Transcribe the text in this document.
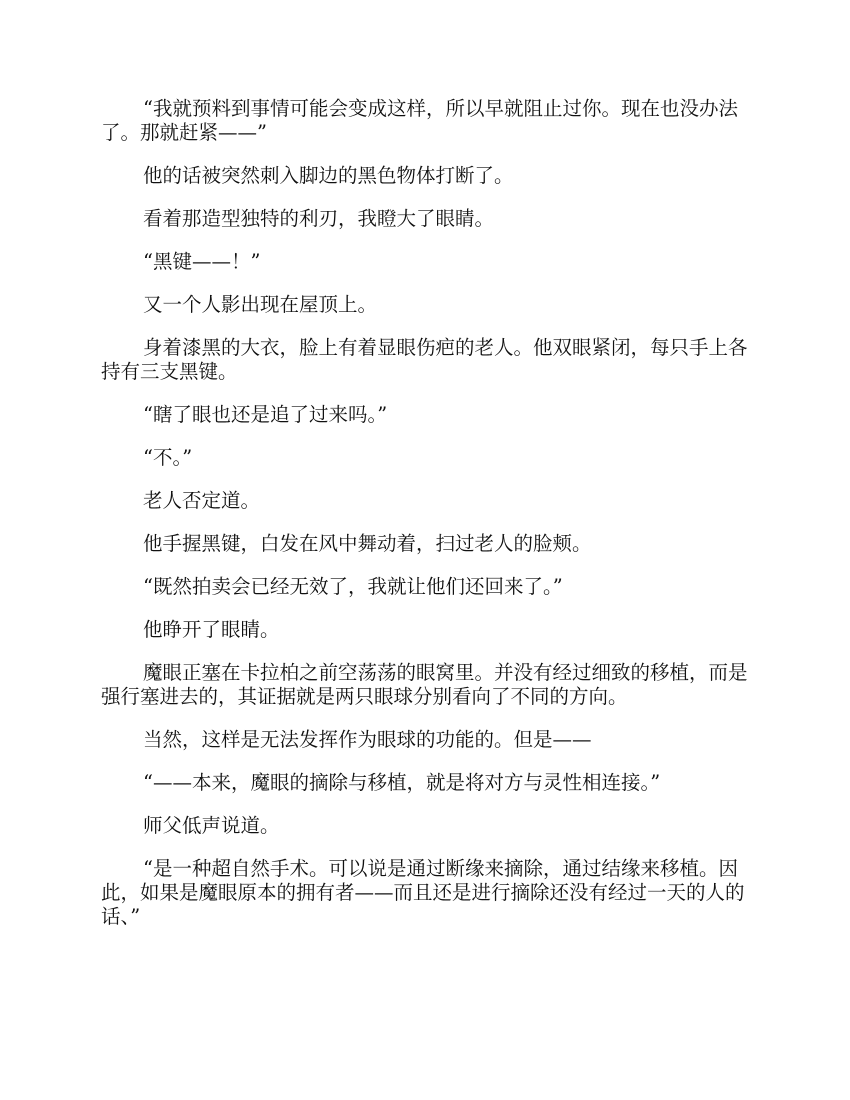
“我就预料到事情可能会变成这样，所以早就阻止过你。现在也没办法了。那就赶紧——”

他的话被突然刺入脚边的黑色物体打断了。

看着那造型独特的利刃，我瞪大了眼睛。

“黑键——！”

又一个人影出现在屋顶上。

身着漆黑的大衣，脸上有着显眼伤疤的老人。他双眼紧闭，每只手上各持有三支黑键。

“瞎了眼也还是追了过来吗。”

“不。”

老人否定道。

他手握黑键，白发在风中舞动着，扫过老人的脸颊。

“既然拍卖会已经无效了，我就让他们还回来了。”

他睁开了眼睛。

魔眼正塞在卡拉柏之前空荡荡的眼窝里。并没有经过细致的移植，而是强行塞进去的，其证据就是两只眼球分别看向了不同的方向。

当然，这样是无法发挥作为眼球的功能的。但是——

“——本来，魔眼的摘除与移植，就是将对方与灵性相连接。”

师父低声说道。

“是一种超自然手术。可以说是通过断缘来摘除，通过结缘来移植。因此，如果是魔眼原本的拥有者——而且还是进行摘除还没有经过一天的人的话、”
